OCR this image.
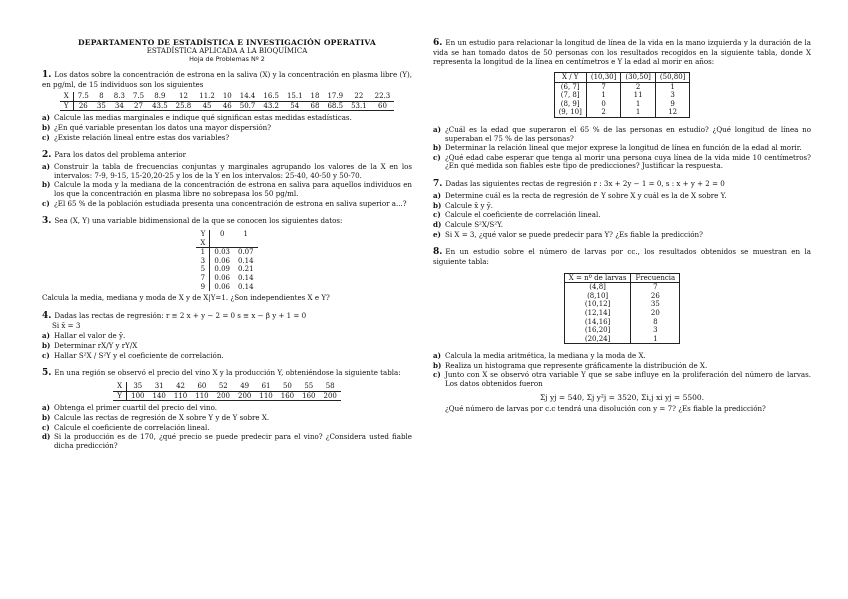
DEPARTAMENTO DE ESTADÍSTICA E INVESTIGACIÓN OPERATIVA
ESTADÍSTICA APLICADA A LA BIOQUÍMICA
Hoja de Problemas Nº 2
1. Los datos sobre la concentración de estrona en la saliva (X) y la concentración en plasma libre (Y), en pg/ml, de 15 individuos son los siguientes
X	7.5	8	8.3	7.5	8.9	12	11.2	10	14.4	16.5	15.1	18	17.9	22	22.3
Y	26	35	34	27	43.5	25.8	45	46	50.7	43.2	54	68	68.5	53.1	60
a) Calcule las medias marginales e indique qué significan estas medidas estadísticas.
b) ¿En qué variable presentan los datos una mayor dispersión?
c) ¿Existe relación lineal entre estas dos variables?
2. Para los datos del problema anterior
a) Construir la tabla de frecuencias conjuntas y marginales agrupando los valores de la X en los intervalos: 7-9, 9-15, 15-20,20-25 y los de la Y en los intervalos: 25-40, 40-50 y 50-70.
b) Calcule la moda y la mediana de la concentración de estrona en saliva para aquellos individuos en los que la concentración en plasma libre no sobrepasa los 50 pg/ml.
c) ¿El 65 % de la población estudiada presenta una concentración de estrona en saliva superior a...?
3. Sea (X, Y) una variable bidimensional de la que se conocen los siguientes datos:
Y	0	1
X		
1	0.03	0.07
3	0.06	0.14
5	0.09	0.21
7	0.06	0.14
9	0.06	0.14
Calcula la media, mediana y moda de X y de X|Y=1. ¿Son independientes X e Y?
4. Dadas las rectas de regresión: r ≡ 2 x + y − 2 = 0 s ≡ x − β y + 1 = 0
Si x̄ = 3
a) Hallar el valor de ȳ.
b) Determinar rX/Y y rY/X
c) Hallar S²X / S²Y y el coeficiente de correlación.
5. En una región se observó el precio del vino X y la producción Y, obteniéndose la siguiente tabla:
X	35	31	42	60	52	49	61	50	55	58
Y	100	140	110	110	200	200	110	160	160	200
a) Obtenga el primer cuartil del precio del vino.
b) Calcule las rectas de regresión de X sobre Y y de Y sobre X.
c) Calcule el coeficiente de correlación lineal.
d) Si la producción es de 170, ¿qué precio se puede predecir para el vino? ¿Considera usted fiable dicha predicción?
6. En un estudio para relacionar la longitud de línea de la vida en la mano izquierda y la duración de la vida se han tomado datos de 50 personas con los resultados recogidos en la siguiente tabla, donde X representa la longitud de la línea en centímetros e Y la edad al morir en años:
X / Y	(10,30]	(30,50]	(50,80]
(6, 7]	7	2	1
(7, 8]	1	11	3
(8, 9]	0	1	9
(9, 10]	2	1	12
a) ¿Cuál es la edad que superaron el 65 % de las personas en estudio? ¿Qué longitud de línea no superaban el 75 % de las personas?
b) Determinar la relación lineal que mejor exprese la longitud de línea en función de la edad al morir.
c) ¿Qué edad cabe esperar que tenga al morir una persona cuya línea de la vida mide 10 centímetros? ¿En qué medida son fiables este tipo de predicciones? Justificar la respuesta.
7. Dadas las siguientes rectas de regresión r : 3x + 2y − 1 = 0, s : x + y + 2 = 0
a) Determine cuál es la recta de regresión de Y sobre X y cuál es la de X sobre Y.
b) Calcule x̄ y ȳ.
c) Calcule el coeficiente de correlación lineal.
d) Calcule S²X/S²Y.
e) Si X = 3, ¿qué valor se puede predecir para Y? ¿Es fiable la predicción?
8. En un estudio sobre el número de larvas por cc., los resultados obtenidos se muestran en la siguiente tabla:
X = nº de larvas	Frecuencia
(4,8]	7
(8,10]	26
(10,12]	35
(12,14]	20
(14,16]	8
(16,20]	3
(20,24]	1
a) Calcula la media aritmética, la mediana y la moda de X.
b) Realiza un histograma que represente gráficamente la distribución de X.
c) Junto con X se observó otra variable Y que se sabe influye en la proliferación del número de larvas. Los datos obtenidos fueron
Σj yj = 540, Σj y²j = 3520, Σi,j xi yj = 5500.
¿Qué número de larvas por c.c tendrá una disolución con y = 7? ¿Es fiable la predicción?
